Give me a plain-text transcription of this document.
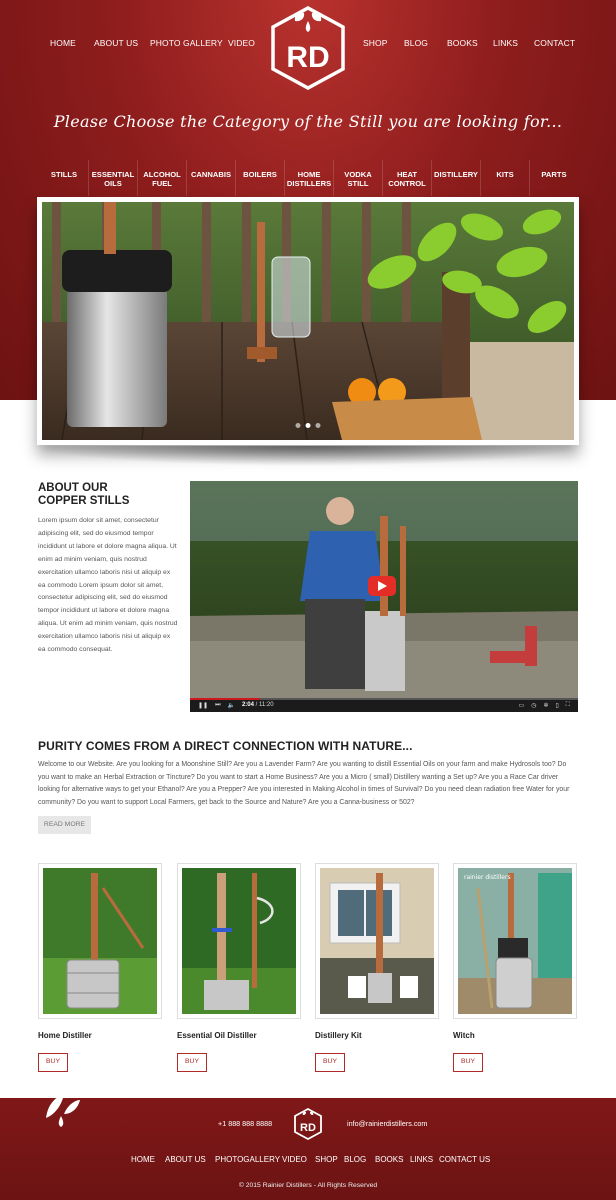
HOME ABOUT US PHOTO GALLERY VIDEO	SHOP BLOG BOOKS LINKS CONTACT
RD
Please Choose the Category of the Still you are looking for...
STILLS	ESSENTIAL OILS
ALCOHOL FUEL
CANNABIS	BOILERS	HOME DISTILLERS
VODKA STILL
HEAT CONTROL
DISTILLERY	KITS	PARTS
ABOUT OUR
COPPER STILLS

Lorem ipsum dolor sit amet, consectetur adipiscing elit, sed do eiusmod tempor incididunt ut labore et dolore magna aliqua. Ut enim ad minim veniam, quis nostrud exercitation ullamco laboris nisi ut aliquip ex ea commodo Lorem ipsum dolor sit amet, consectetur adipiscing elit, sed do eiusmod tempor incididunt ut labore et dolore magna aliqua. Ut enim ad minim veniam, quis nostrud exercitation ullamco laboris nisi ut aliquip ex ea commodo consequat.

❚❚ ⏭ 🔈 2:04 / 11:20	▭ ◷ ✲ ▯ ⛶
PURITY COMES FROM A DIRECT CONNECTION WITH NATURE...

Welcome to our Website. Are you looking for a Moonshine Still? Are you a Lavender Farm? Are you wanting to distill Essential Oils on your farm and make Hydrosols too? Do you want to make an Herbal Extraction or Tincture? Do you want to start a Home Business? Are you a Micro ( small) Distillery wanting a Set up? Are you a Race Car driver looking for alternative ways to get your Ethanol? Are you a Prepper? Are you interested in Making Alcohol in times of Survival? Do you need clean radiation free Water for your community? Do you want to support Local Farmers, get back to the Source and Nature? Are you a Canna-business or 502?

READ MORE
Home Distiller
BUY
Essential Oil Distiller
BUY
Distillery Kit
BUY
rainier distillers
Witch
BUY
+1 888 888 8888	RD	info@rainierdistillers.com
HOME ABOUT US PHOTOGALLERY VIDEO SHOP BLOG BOOKS LINKS CONTACT US
© 2015 Rainier Distillers - All Rights Reserved
